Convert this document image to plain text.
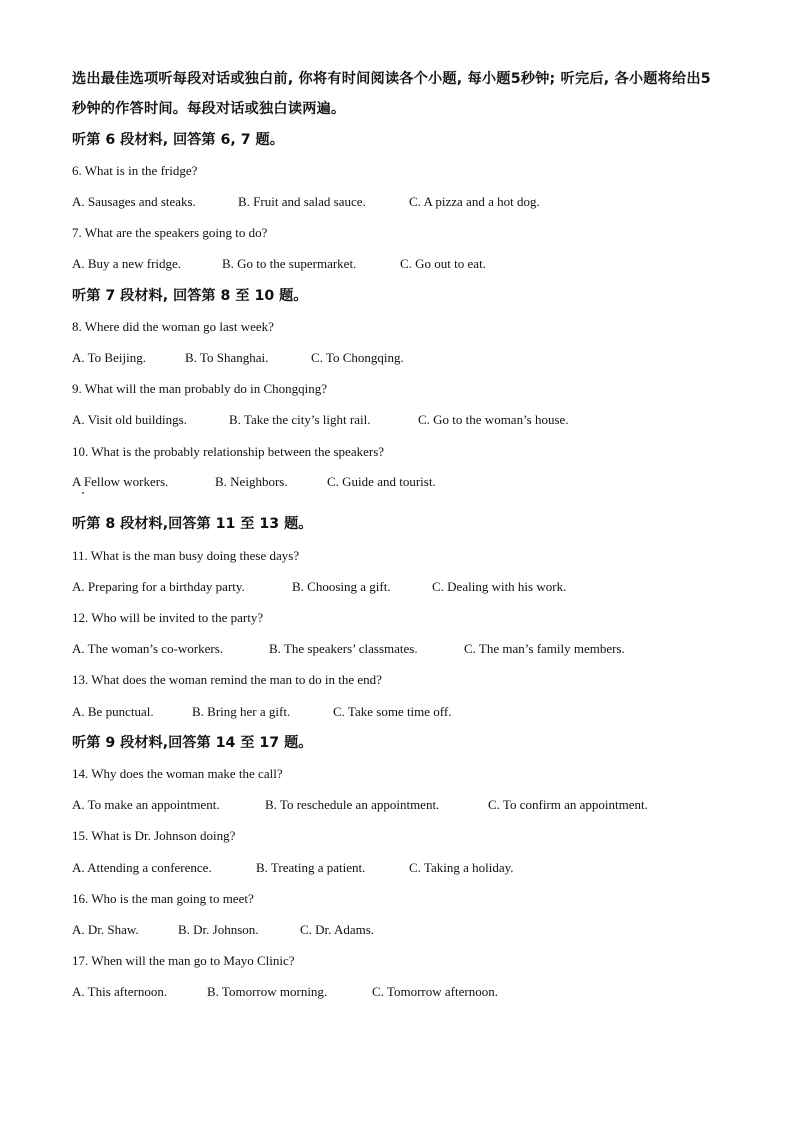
选出最佳选项听每段对话或独白前, 你将有时间阅读各个小题, 每小题5秒钟; 听完后, 各小题将给出5秒钟的作答时间。每段对话或独白读两遍。
听第 6 段材料, 回答第 6, 7 题。
6. What is in the fridge?
A. Sausages and steaks.	B. Fruit and salad sauce.	C. A pizza and a hot dog.
7. What are the speakers going to do?
A. Buy a new fridge.	B. Go to the supermarket.	C. Go out to eat.
听第 7 段材料, 回答第 8 至 10 题。
8. Where did the woman go last week?
A. To Beijing.	B. To Shanghai.	C. To Chongqing.
9. What will the man probably do in Chongqing?
A. Visit old buildings.	B. Take the city’s light rail.	C. Go to the woman’s house.
10. What is the probably relationship between the speakers?
A Fellow workers.	B. Neighbors.	C. Guide and tourist.
听第 8 段材料,回答第 11 至 13 题。
11. What is the man busy doing these days?
A. Preparing for a birthday party.	B. Choosing a gift.	C. Dealing with his work.
12. Who will be invited to the party?
A. The woman’s co-workers.	B. The speakers’ classmates.	C. The man’s family members.
13. What does the woman remind the man to do in the end?
A. Be punctual.	B. Bring her a gift.	C. Take some time off.
听第 9 段材料,回答第 14 至 17 题。
14. Why does the woman make the call?
A. To make an appointment.	B. To reschedule an appointment.	C. To confirm an appointment.
15. What is Dr. Johnson doing?
A. Attending a conference.	B. Treating a patient.	C. Taking a holiday.
16. Who is the man going to meet?
A. Dr. Shaw.	B. Dr. Johnson.	C. Dr. Adams.
17. When will the man go to Mayo Clinic?
A. This afternoon.	B. Tomorrow morning.	C. Tomorrow afternoon.
